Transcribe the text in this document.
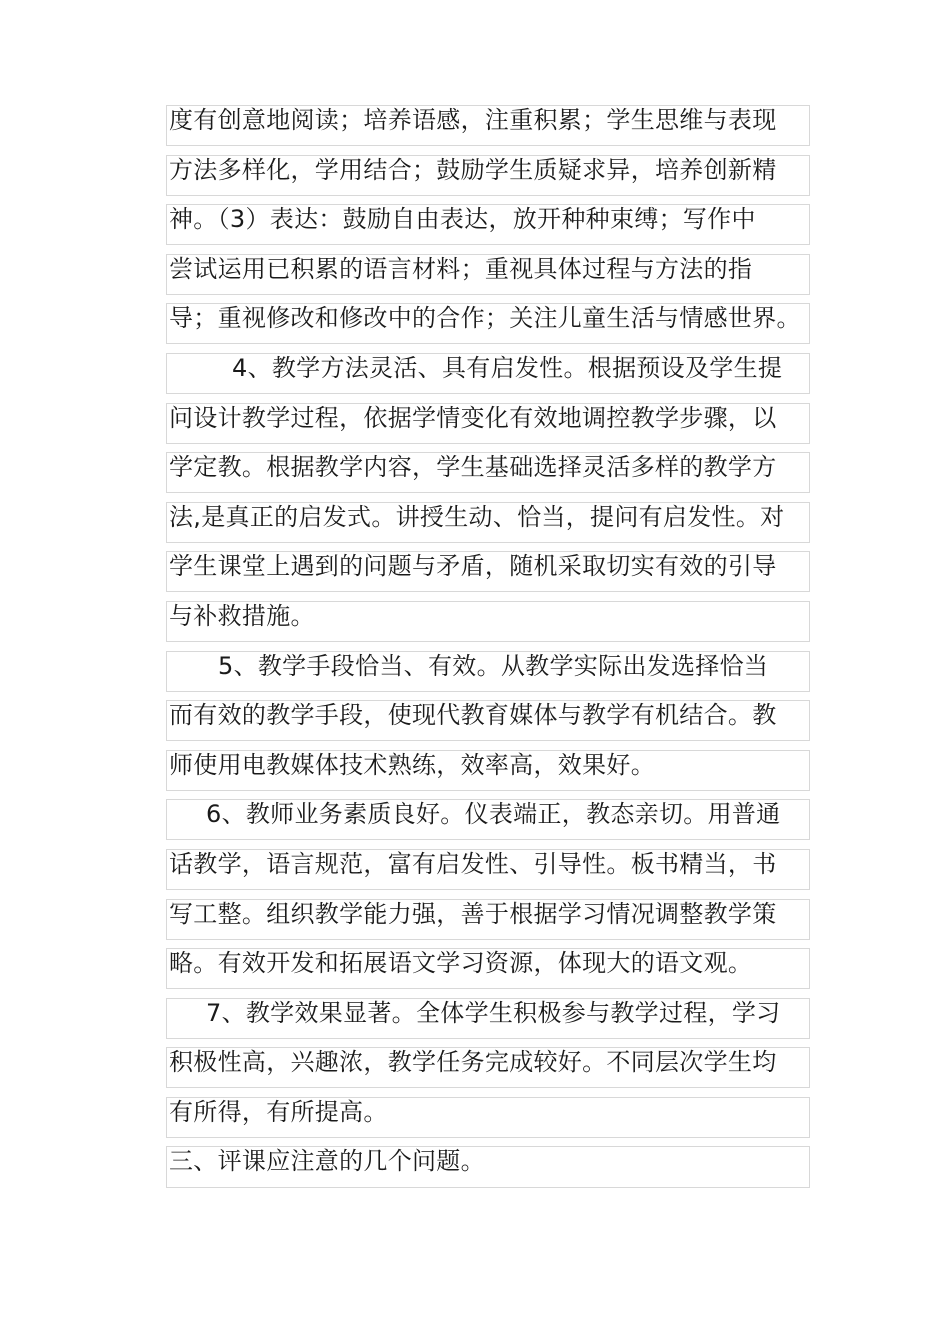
度有创意地阅读；培养语感，注重积累；学生思维与表现
方法多样化，学用结合；鼓励学生质疑求异，培养创新精
神。（3）表达：鼓励自由表达，放开种种束缚；写作中
尝试运用已积累的语言材料；重视具体过程与方法的指
导；重视修改和修改中的合作；关注儿童生活与情感世界。
4、教学方法灵活、具有启发性。根据预设及学生提
问设计教学过程，依据学情变化有效地调控教学步骤，以
学定教。根据教学内容，学生基础选择灵活多样的教学方
法,是真正的启发式。讲授生动、恰当，提问有启发性。对
学生课堂上遇到的问题与矛盾，随机采取切实有效的引导
与补救措施。
5、教学手段恰当、有效。从教学实际出发选择恰当
而有效的教学手段，使现代教育媒体与教学有机结合。教
师使用电教媒体技术熟练，效率高，效果好。
6、教师业务素质良好。仪表端正，教态亲切。用普通
话教学，语言规范，富有启发性、引导性。板书精当，书
写工整。组织教学能力强，善于根据学习情况调整教学策
略。有效开发和拓展语文学习资源，体现大的语文观。
7、教学效果显著。全体学生积极参与教学过程，学习
积极性高，兴趣浓，教学任务完成较好。不同层次学生均
有所得，有所提高。
三、评课应注意的几个问题。
